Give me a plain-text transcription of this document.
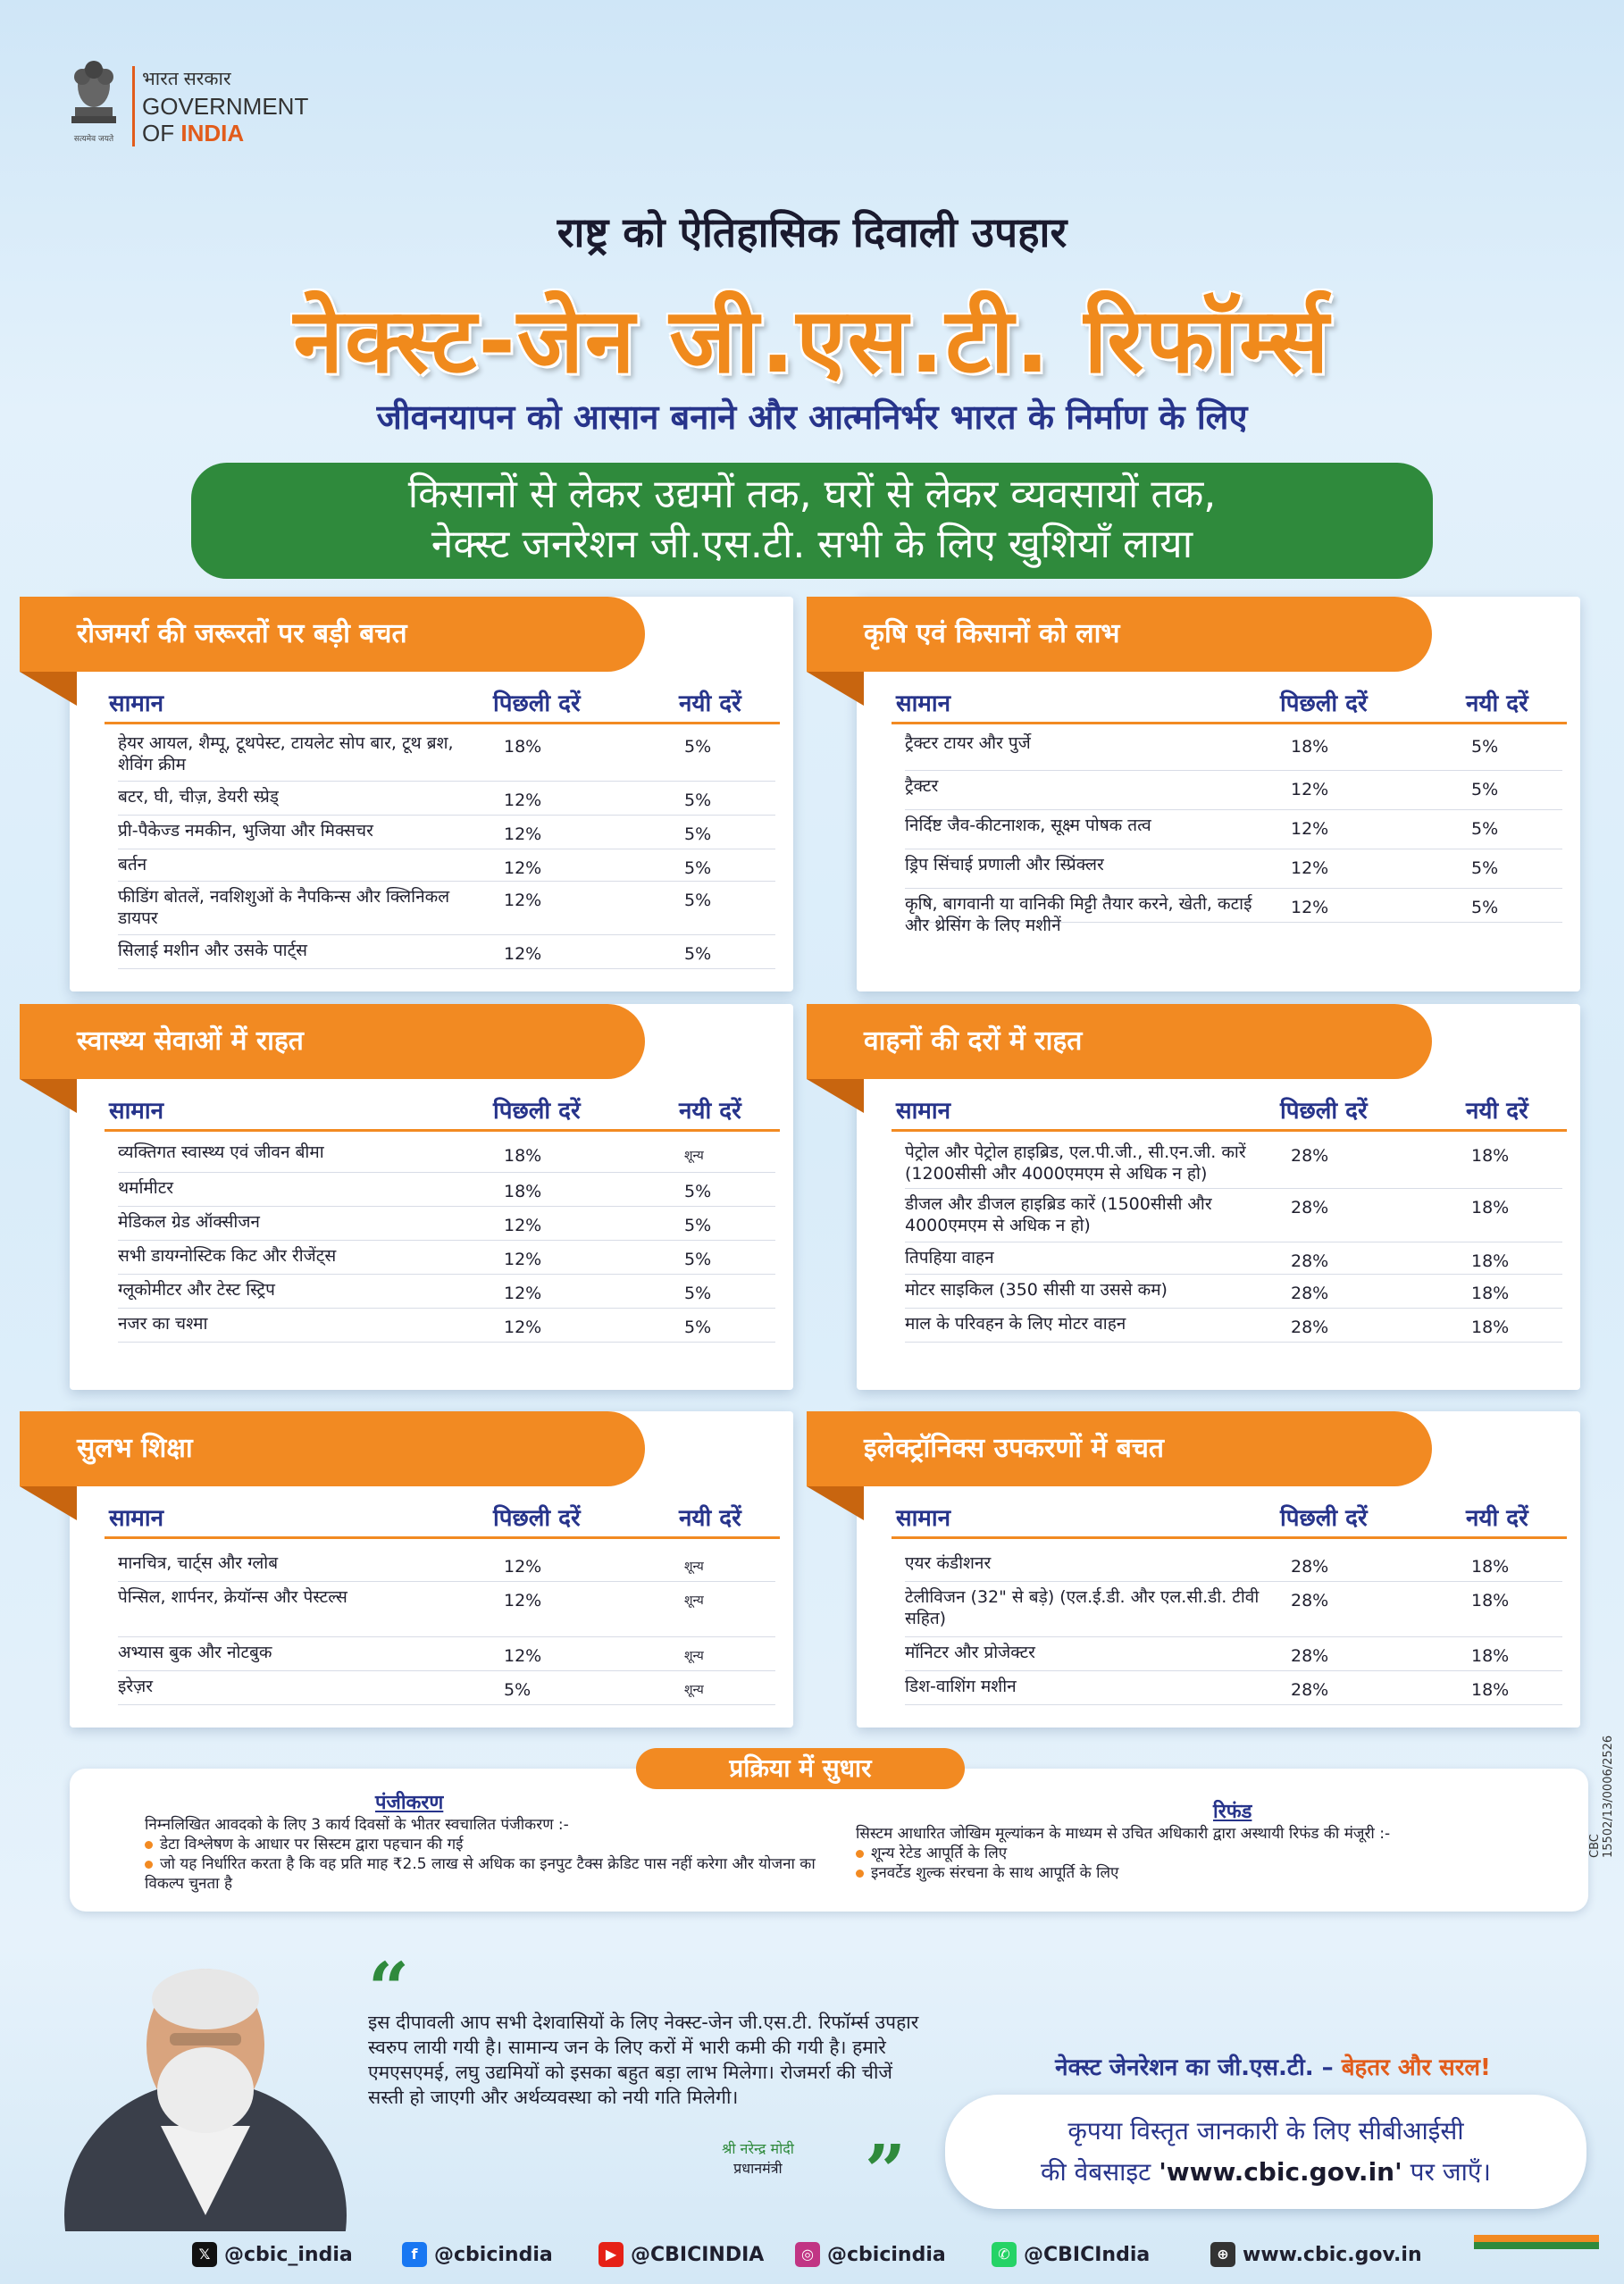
सत्यमेव जयते
भारत सरकार
GOVERNMENT
OF INDIA
राष्ट्र को ऐतिहासिक दिवाली उपहार
नेक्स्ट-जेन जी.एस.टी. रिफॉर्म्स
जीवनयापन को आसान बनाने और आत्मनिर्भर भारत के निर्माण के लिए
किसानों से लेकर उद्यमों तक, घरों से लेकर व्यवसायों तक,
नेक्स्ट जनरेशन जी.एस.टी. सभी के लिए खुशियाँ लाया
रोजमर्रा की जरूरतों पर बड़ी बचत
सामान	पिछली दरें	नयी दरें
हेयर आयल, शैम्पू, टूथपेस्ट, टायलेट सोप बार, टूथ ब्रश, शेविंग क्रीम
18%	5%
बटर, घी, चीज़, डेयरी स्प्रेड्	12%	5%
प्री-पैकेज्ड नमकीन, भुजिया और मिक्सचर	12%	5%
बर्तन	12%	5%
फीडिंग बोतलें, नवशिशुओं के नैपकिन्स और क्लिनिकल डायपर
12%	5%
सिलाई मशीन और उसके पार्ट्स	12%	5%
कृषि एवं किसानों को लाभ
सामान	पिछली दरें	नयी दरें
ट्रैक्टर टायर और पुर्जे	18%	5%
ट्रैक्टर	12%	5%
निर्दिष्ट जैव-कीटनाशक, सूक्ष्म पोषक तत्व	12%	5%
ड्रिप सिंचाई प्रणाली और स्प्रिंक्लर	12%	5%
कृषि, बागवानी या वानिकी मिट्टी तैयार करने, खेती, कटाई और थ्रेसिंग के लिए मशीनें
12%	5%
स्वास्थ्य सेवाओं में राहत
सामान	पिछली दरें	नयी दरें
व्यक्तिगत स्वास्थ्य एवं जीवन बीमा	18%	शून्य
थर्मामीटर	18%	5%
मेडिकल ग्रेड ऑक्सीजन	12%	5%
सभी डायग्नोस्टिक किट और रीजेंट्स	12%	5%
ग्लूकोमीटर और टेस्ट स्ट्रिप	12%	5%
नजर का चश्मा	12%	5%
वाहनों की दरों में राहत
सामान	पिछली दरें	नयी दरें
पेट्रोल और पेट्रोल हाइब्रिड, एल.पी.जी., सी.एन.जी. कारें (1200सीसी और 4000एमएम से अधिक न हो)
28%	18%
डीजल और डीजल हाइब्रिड कारें (1500सीसी और 4000एमएम से अधिक न हो)
28%	18%
तिपहिया वाहन	28%	18%
मोटर साइकिल (350 सीसी या उससे कम)	28%	18%
माल के परिवहन के लिए मोटर वाहन	28%	18%
सुलभ शिक्षा
सामान	पिछली दरें	नयी दरें
मानचित्र, चार्ट्स और ग्लोब	12%	शून्य
पेन्सिल, शार्पनर, क्रेयॉन्स और पेस्टल्स	12%	शून्य
अभ्यास बुक और नोटबुक	12%	शून्य
इरेज़र	5%	शून्य
इलेक्ट्रॉनिक्स उपकरणों में बचत
सामान	पिछली दरें	नयी दरें
एयर कंडीशनर	28%	18%
टेलीविजन (32" से बड़े) (एल.ई.डी. और एल.सी.डी. टीवी सहित)
28%	18%
मॉनिटर और प्रोजेक्टर	28%	18%
डिश-वाशिंग मशीन	28%	18%
पंजीकरण
निम्नलिखित आवदको के लिए 3 कार्य दिवसों के भीतर स्वचालित पंजीकरण :-
डेटा विश्लेषण के आधार पर सिस्टम द्वारा पहचान की गई
जो यह निर्धारित करता है कि वह प्रति माह ₹2.5 लाख से अधिक का इनपुट टैक्स क्रेडिट पास नहीं करेगा और योजना का विकल्प चुनता है
रिफंड
सिस्टम आधारित जोखिम मूल्यांकन के माध्यम से उचित अधिकारी द्वारा अस्थायी रिफंड की मंजूरी :-
शून्य रेटेड आपूर्ति के लिए
इनवर्टेड शुल्क संरचना के साथ आपूर्ति के लिए
प्रक्रिया में सुधार
“
इस दीपावली आप सभी देशवासियों के लिए नेक्स्ट-जेन जी.एस.टी. रिफॉर्म्स उपहार स्वरुप लायी गयी है। सामान्य जन के लिए करों में भारी कमी की गयी है। हमारे एमएसएमई, लघु उद्यमियों को इसका बहुत बड़ा लाभ मिलेगा। रोजमर्रा की चीजें सस्ती हो जाएगी और अर्थव्यवस्था को नयी गति मिलेगी।
श्री नरेन्द्र मोदी
प्रधानमंत्री ”
नेक्स्ट जेनरेशन का जी.एस.टी. – बेहतर और सरल!
कृपया विस्तृत जानकारी के लिए सीबीआईसी
की वेबसाइट 'www.cbic.gov.in' पर जाएँ।
CBC 15502/13/0006/2526
𝕏 @cbic_india	f @cbicindia	▶ @CBICINDIA	◎ @cbicindia	✆ @CBICIndia	⊕ www.cbic.gov.in
